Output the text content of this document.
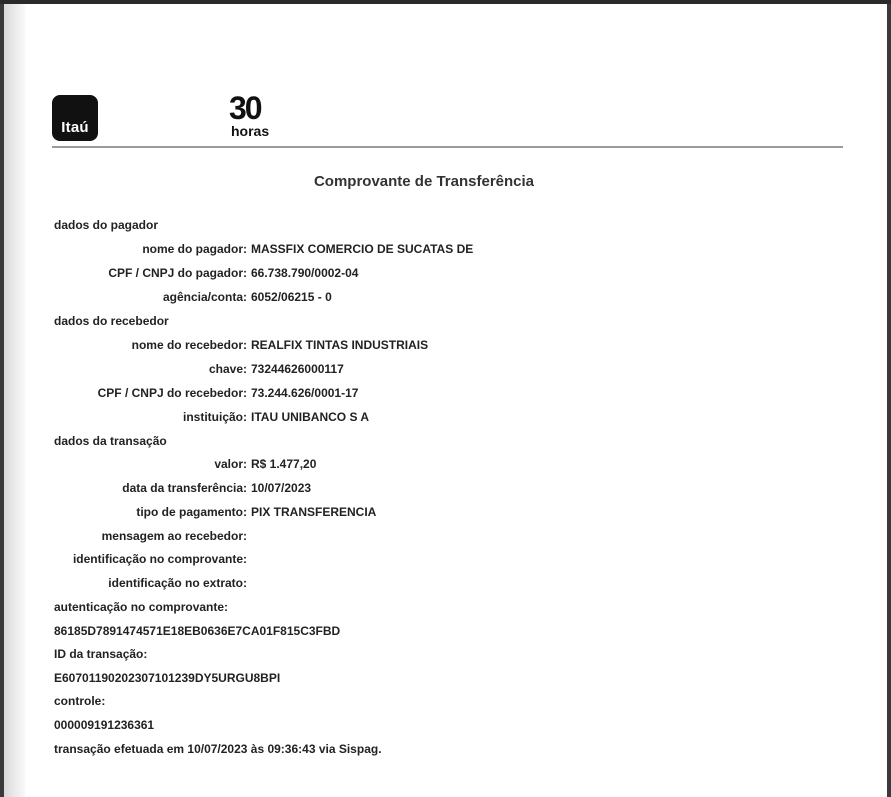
Itaú
30
horas
Comprovante de Transferência
dados do pagador
nome do pagador: MASSFIX COMERCIO DE SUCATAS DE
CPF / CNPJ do pagador: 66.738.790/0002-04
agência/conta: 6052/06215 - 0
dados do recebedor
nome do recebedor: REALFIX TINTAS INDUSTRIAIS
chave: 73244626000117
CPF / CNPJ do recebedor: 73.244.626/0001-17
instituição: ITAU UNIBANCO S A
dados da transação
valor: R$ 1.477,20
data da transferência: 10/07/2023
tipo de pagamento: PIX TRANSFERENCIA
mensagem ao recebedor:
identificação no comprovante:
identificação no extrato:
autenticação no comprovante:
86185D7891474571E18EB0636E7CA01F815C3FBD
ID da transação:
E60701190202307101239DY5URGU8BPI
controle:
000009191236361
transação efetuada em 10/07/2023 às 09:36:43 via Sispag.
